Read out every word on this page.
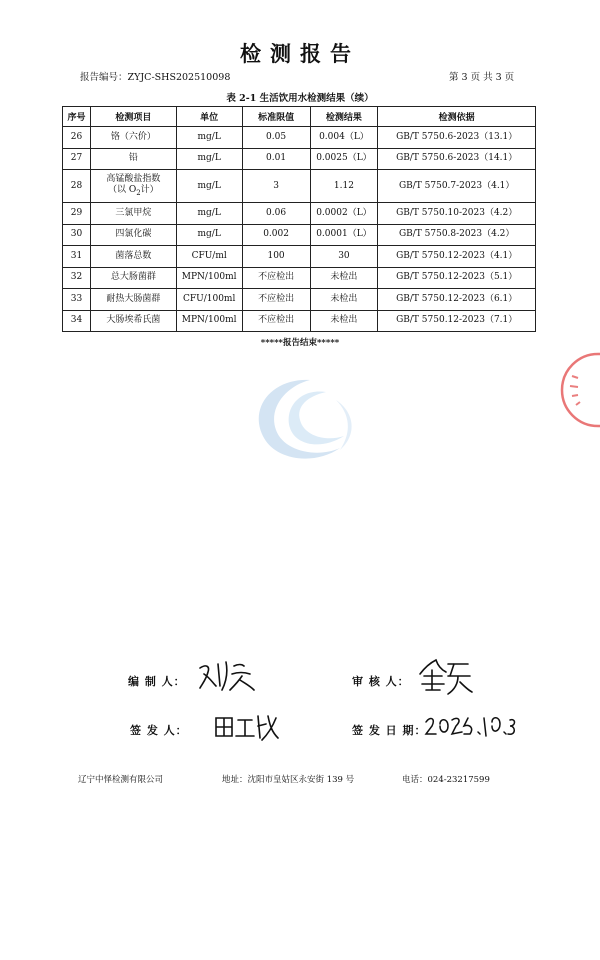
检测报告
报告编号：ZYJC-SHS202510098	第 3 页 共 3 页
表 2-1 生活饮用水检测结果（续）
序号	检测项目	单位	标准限值	检测结果	检测依据
26	铬（六价）	mg/L	0.05	0.004（L）	GB/T 5750.6-2023（13.1）
27	铅	mg/L	0.01	0.0025（L）	GB/T 5750.6-2023（14.1）
28	高锰酸盐指数
（以 $O_2$计）	mg/L	3	1.12	GB/T 5750.7-2023（4.1）
29	三氯甲烷	mg/L	0.06	0.0002（L）	GB/T 5750.10-2023（4.2）
30	四氯化碳	mg/L	0.002	0.0001（L）	GB/T 5750.8-2023（4.2）
31	菌落总数	CFU/ml	100	30	GB/T 5750.12-2023（4.1）
32	总大肠菌群	MPN/100ml	不应检出	未检出	GB/T 5750.12-2023（5.1）
33	耐热大肠菌群	CFU/100ml	不应检出	未检出	GB/T 5750.12-2023（6.1）
34	大肠埃希氏菌	MPN/100ml	不应检出	未检出	GB/T 5750.12-2023（7.1）
*****报告结束*****
编 制 人：	审 核 人：
签 发 人：	签 发 日 期：
辽宁中怿检测有限公司	地址：沈阳市皇姑区永安街 139 号	电话：024-23217599
